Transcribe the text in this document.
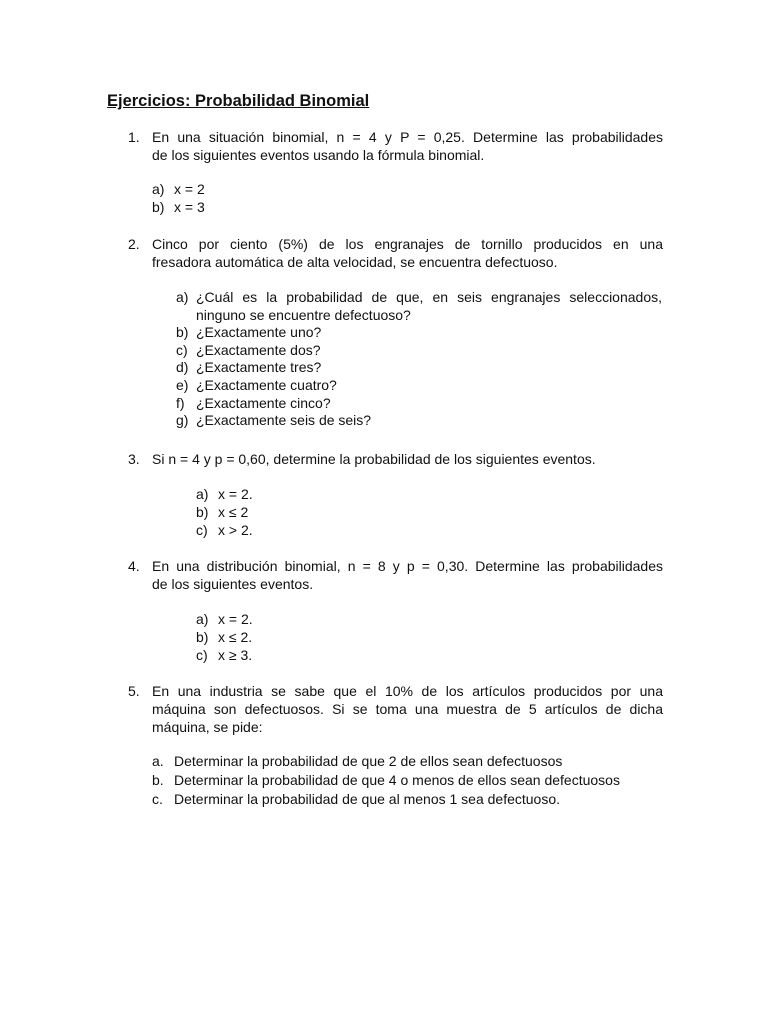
Ejercicios: Probabilidad Binomial
1. En una situación binomial, n = 4 y P = 0,25. Determine las probabilidades
de los siguientes eventos usando la fórmula binomial.
a) x = 2
b) x = 3
2. Cinco por ciento (5%) de los engranajes de tornillo producidos en una
fresadora automática de alta velocidad, se encuentra defectuoso.
a) ¿Cuál es la probabilidad de que, en seis engranajes seleccionados,
ninguno se encuentre defectuoso?
b) ¿Exactamente uno?
c) ¿Exactamente dos?
d) ¿Exactamente tres?
e) ¿Exactamente cuatro?
f) ¿Exactamente cinco?
g) ¿Exactamente seis de seis?
3. Si n = 4 y p = 0,60, determine la probabilidad de los siguientes eventos.
a) x = 2.
b) x ≤ 2
c) x > 2.
4. En una distribución binomial, n = 8 y p = 0,30. Determine las probabilidades
de los siguientes eventos.
a) x = 2.
b) x ≤ 2.
c) x ≥ 3.
5. En una industria se sabe que el 10% de los artículos producidos por una
máquina son defectuosos. Si se toma una muestra de 5 artículos de dicha
máquina, se pide:
a. Determinar la probabilidad de que 2 de ellos sean defectuosos
b. Determinar la probabilidad de que 4 o menos de ellos sean defectuosos
c. Determinar la probabilidad de que al menos 1 sea defectuoso.
